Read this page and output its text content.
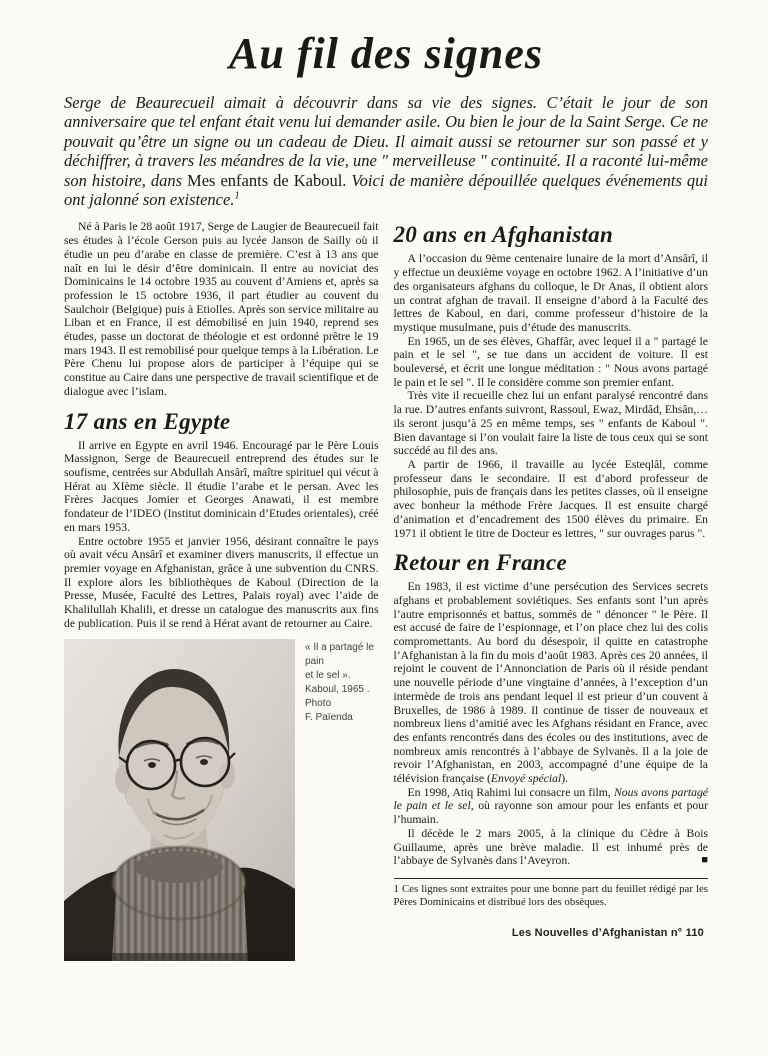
Au fil des signes

Serge de Beaurecueil aimait à découvrir dans sa vie des signes. C’était le jour de son anniversaire que tel enfant était venu lui demander asile. Ou bien le jour de la Saint Serge. Ce ne pouvait qu’être un signe ou un cadeau de Dieu. Il aimait aussi se retourner sur son passé et y déchiffrer, à travers les méandres de la vie, une " merveilleuse " continuité. Il a raconté lui-même son histoire, dans Mes enfants de Kaboul. Voici de manière dépouillée quelques événements qui ont jalonné son existence.$^1$

Né à Paris le 28 août 1917, Serge de Laugier de Beaurecueil fait ses études à l’école Gerson puis au lycée Janson de Sailly où il étudie un peu d’arabe en classe de première. C’est à 13 ans que naît en lui le désir d’être dominicain. Il entre au noviciat des Dominicains le 14 octobre 1935 au couvent d’Amiens et, après sa profession le 15 octobre 1936, il part étudier au couvent du Saulchoir (Belgique) puis à Etiolles. Après son service militaire au Liban et en France, il est démobilisé en juin 1940, reprend ses études, passe un doctorat de théologie et est ordonné prêtre le 19 mars 1943. Il est remobilisé pour quelque temps à la Libération. Le Père Chenu lui propose alors de participer à l’équipe qui se constitue au Caire dans une perspective de travail scientifique et de dialogue avec l’islam.

17 ans en Egypte

Il arrive en Egypte en avril 1946. Encouragé par le Père Louis Massignon, Serge de Beaurecueil entreprend des études sur le soufisme, centrées sur Abdullah Ansârî, maître spirituel qui vécut à Hérat au XIème siècle. Il étudie l’arabe et le persan. Avec les Frères Jacques Jomier et Georges Anawati, il est membre fondateur de l’IDEO (Institut dominicain d’Etudes orientales), créé en mars 1953.

Entre octobre 1955 et janvier 1956, désirant connaître le pays où avait vécu Ansârî et examiner divers manuscrits, il effectue un premier voyage en Afghanistan, grâce à une subvention du CNRS. Il explore alors les bibliothèques de Kaboul (Direction de la Presse, Musée, Faculté des Lettres, Palais royal) avec l’aide de Khalilullah Khalili, et dresse un catalogue des manuscrits aux fins de publication. Puis il se rend à Hérat avant de retourner au Caire.

« Il a partagé le pain
et le sel ».
Kaboul, 1965 .
Photo
F. Païenda
20 ans en Afghanistan

A l’occasion du 9ème centenaire lunaire de la mort d’Ansârî, il y effectue un deuxième voyage en octobre 1962. A l’initiative d’un des organisateurs afghans du colloque, le Dr Anas, il obtient alors un contrat afghan de travail. Il enseigne d’abord à la Faculté des lettres de Kaboul, en dari, comme professeur d’histoire de la mystique musulmane, puis d’étude des manuscrits.

En 1965, un de ses élèves, Ghaffâr, avec lequel il a " partagé le pain et le sel ", se tue dans un accident de voiture. Il est bouleversé, et écrit une longue méditation : " Nous avons partagé le pain et le sel ". Il le considère comme son premier enfant.

Très vite il recueille chez lui un enfant paralysé rencontré dans la rue. D’autres enfants suivront, Rassoul, Ewaz, Mirdâd, Ehsân,… ils seront jusqu’à 25 en même temps, ses " enfants de Kaboul ". Bien davantage si l’on voulait faire la liste de tous ceux qui se sont succédé au fil des ans.

A partir de 1966, il travaille au lycée Esteqlâl, comme professeur dans le secondaire. Il est d’abord professeur de philosophie, puis de français dans les petites classes, où il enseigne avec bonheur la méthode Frère Jacques. Il est ensuite chargé d’animation et d’encadrement des 1500 élèves du primaire. En 1971 il obtient le titre de Docteur es lettres, " sur ouvrages parus ".

Retour en France

En 1983, il est victime d’une persécution des Services secrets afghans et probablement soviétiques. Ses enfants sont l’un après l’autre emprisonnés et battus, sommés de " dénoncer " le Père. Il est accusé de faire de l’espionnage, et l’on place chez lui des colis compromettants. Au bord du désespoir, il quitte en catastrophe l’Afghanistan à la fin du mois d’août 1983. Après ces 20 années, il rejoint le couvent de l’Annonciation de Paris où il réside pendant une nouvelle période d’une vingtaine d’années, à l’exception d’un intermède de trois ans pendant lequel il est prieur d’un couvent à Bruxelles, de 1986 à 1989. Il continue de tisser de nouveaux et nombreux liens d’amitié avec les Afghans résidant en France, avec des enfants rencontrés dans des écoles ou des institutions, avec de nombreux amis rencontrés à l’abbaye de Sylvanès. Il a la joie de revoir l’Afghanistan, en 2003, accompagné d’une équipe de la télévision française (Envoyé spécial).

En 1998, Atiq Rahimi lui consacre un film, Nous avons partagé le pain et le sel, où rayonne son amour pour les enfants et pour l’humain.

Il décède le 2 mars 2005, à la clinique du Cèdre à Bois Guillaume, après une brève maladie. Il est inhumé près de l’abbaye de Sylvanès dans l’Aveyron.	■

1 Ces lignes sont extraites pour une bonne part du feuillet rédigé par les Pères Dominicains et distribué lors des obsèques.

Les Nouvelles d’Afghanistan n° 110
